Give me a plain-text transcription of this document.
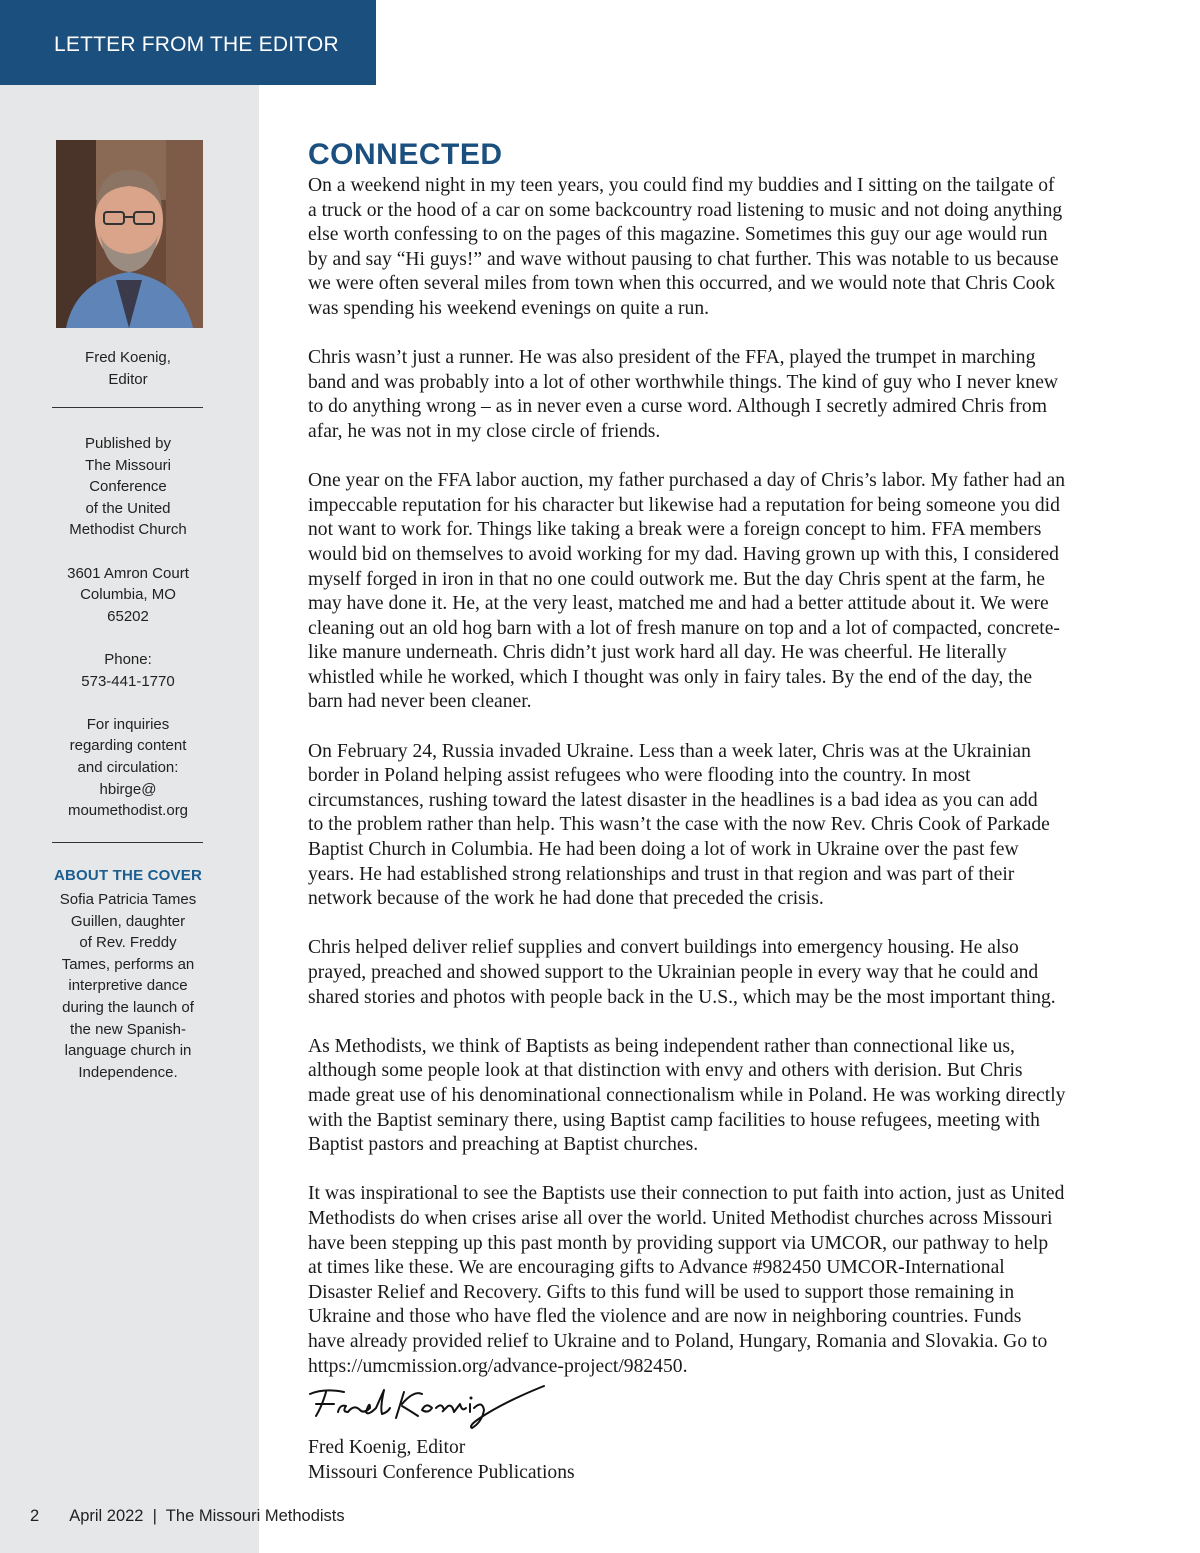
LETTER FROM THE EDITOR
Fred Koenig,
Editor
Published by
The Missouri
Conference
of the United
Methodist Church
3601 Amron Court
Columbia, MO
65202
Phone:
573-441-1770
For inquiries
regarding content
and circulation:
hbirge@
moumethodist.org
ABOUT THE COVER
Sofia Patricia Tames
Guillen, daughter
of Rev. Freddy
Tames, performs an
interpretive dance
during the launch of
the new Spanish-
language church in
Independence.
CONNECTED

On a weekend night in my teen years, you could find my buddies and I sitting on the tailgate of
a truck or the hood of a car on some backcountry road listening to music and not doing anything
else worth confessing to on the pages of this magazine. Sometimes this guy our age would run
by and say “Hi guys!” and wave without pausing to chat further. This was notable to us because
we were often several miles from town when this occurred, and we would note that Chris Cook
was spending his weekend evenings on quite a run.

Chris wasn’t just a runner. He was also president of the FFA, played the trumpet in marching
band and was probably into a lot of other worthwhile things. The kind of guy who I never knew
to do anything wrong – as in never even a curse word. Although I secretly admired Chris from
afar, he was not in my close circle of friends.

One year on the FFA labor auction, my father purchased a day of Chris’s labor. My father had an
impeccable reputation for his character but likewise had a reputation for being someone you did
not want to work for. Things like taking a break were a foreign concept to him. FFA members
would bid on themselves to avoid working for my dad. Having grown up with this, I considered
myself forged in iron in that no one could outwork me. But the day Chris spent at the farm, he
may have done it. He, at the very least, matched me and had a better attitude about it. We were
cleaning out an old hog barn with a lot of fresh manure on top and a lot of compacted, concrete-
like manure underneath. Chris didn’t just work hard all day. He was cheerful. He literally
whistled while he worked, which I thought was only in fairy tales. By the end of the day, the
barn had never been cleaner.

On February 24, Russia invaded Ukraine. Less than a week later, Chris was at the Ukrainian
border in Poland helping assist refugees who were flooding into the country. In most
circumstances, rushing toward the latest disaster in the headlines is a bad idea as you can add
to the problem rather than help. This wasn’t the case with the now Rev. Chris Cook of Parkade
Baptist Church in Columbia. He had been doing a lot of work in Ukraine over the past few
years. He had established strong relationships and trust in that region and was part of their
network because of the work he had done that preceded the crisis.

Chris helped deliver relief supplies and convert buildings into emergency housing. He also
prayed, preached and showed support to the Ukrainian people in every way that he could and
shared stories and photos with people back in the U.S., which may be the most important thing.

As Methodists, we think of Baptists as being independent rather than connectional like us,
although some people look at that distinction with envy and others with derision. But Chris
made great use of his denominational connectionalism while in Poland. He was working directly
with the Baptist seminary there, using Baptist camp facilities to house refugees, meeting with
Baptist pastors and preaching at Baptist churches.

It was inspirational to see the Baptists use their connection to put faith into action, just as United
Methodists do when crises arise all over the world. United Methodist churches across Missouri
have been stepping up this past month by providing support via UMCOR, our pathway to help
at times like these. We are encouraging gifts to Advance #982450 UMCOR-International
Disaster Relief and Recovery. Gifts to this fund will be used to support those remaining in
Ukraine and those who have fled the violence and are now in neighboring countries. Funds
have already provided relief to Ukraine and to Poland, Hungary, Romania and Slovakia. Go to
https://umcmission.org/advance-project/982450.

Fred Koenig, Editor
Missouri Conference Publications
2 April 2022  |  The Missouri Methodists
